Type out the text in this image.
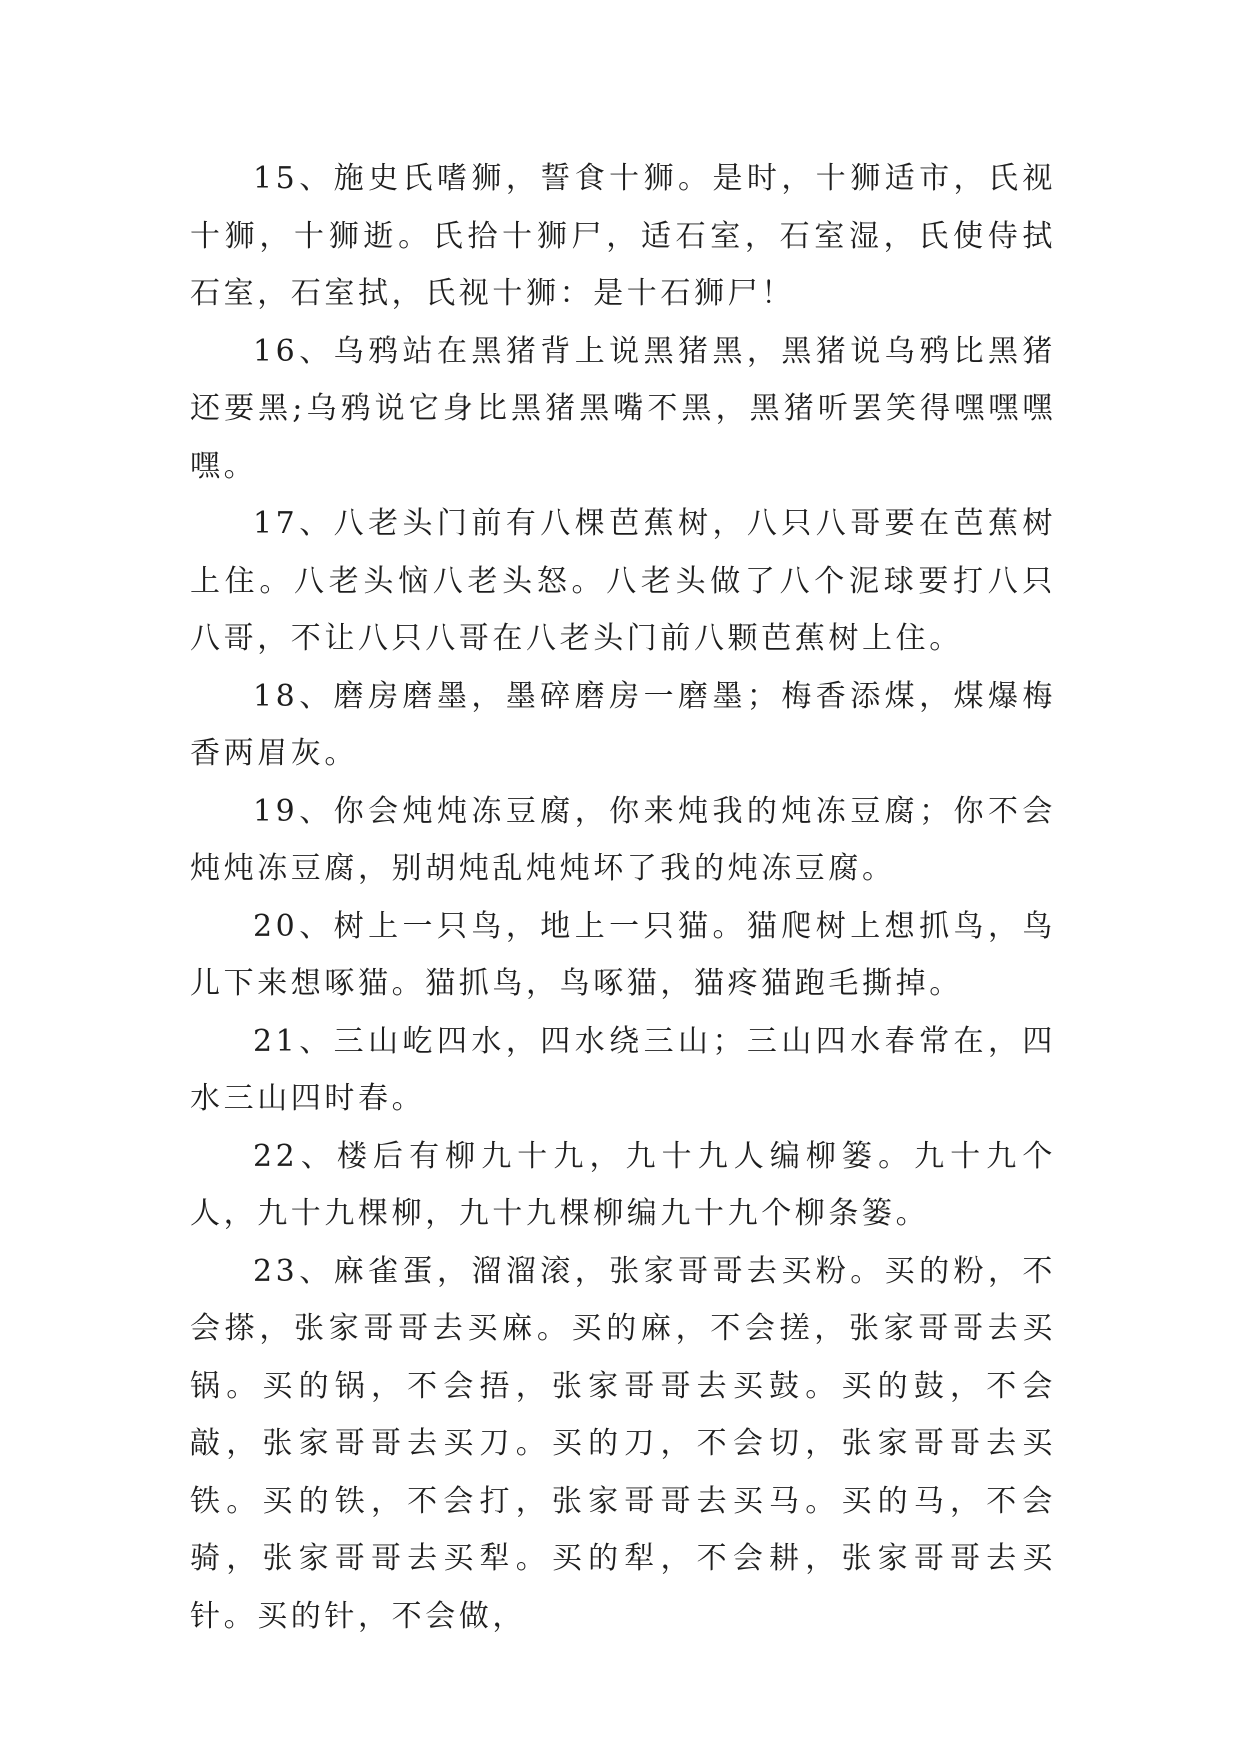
15、施史氏嗜狮，誓食十狮。是时，十狮适市，氏视十狮，十狮逝。氏拾十狮尸，适石室，石室湿，氏使侍拭石室，石室拭，氏视十狮：是十石狮尸！

16、乌鸦站在黑猪背上说黑猪黑，黑猪说乌鸦比黑猪还要黑;乌鸦说它身比黑猪黑嘴不黑，黑猪听罢笑得嘿嘿嘿嘿。

17、八老头门前有八棵芭蕉树，八只八哥要在芭蕉树上住。八老头恼八老头怒。八老头做了八个泥球要打八只八哥，不让八只八哥在八老头门前八颗芭蕉树上住。

18、磨房磨墨，墨碎磨房一磨墨；梅香添煤，煤爆梅香两眉灰。

19、你会炖炖冻豆腐，你来炖我的炖冻豆腐；你不会炖炖冻豆腐，别胡炖乱炖炖坏了我的炖冻豆腐。

20、树上一只鸟，地上一只猫。猫爬树上想抓鸟，鸟儿下来想啄猫。猫抓鸟，鸟啄猫，猫疼猫跑毛撕掉。

21、三山屹四水，四水绕三山；三山四水春常在，四水三山四时春。

22、楼后有柳九十九，九十九人编柳篓。九十九个人，九十九棵柳，九十九棵柳编九十九个柳条篓。

23、麻雀蛋，溜溜滚，张家哥哥去买粉。买的粉，不会搽，张家哥哥去买麻。买的麻，不会搓，张家哥哥去买锅。买的锅，不会捂，张家哥哥去买鼓。买的鼓，不会敲，张家哥哥去买刀。买的刀，不会切，张家哥哥去买铁。买的铁，不会打，张家哥哥去买马。买的马，不会骑，张家哥哥去买犁。买的犁，不会耕，张家哥哥去买针。买的针，不会做，
